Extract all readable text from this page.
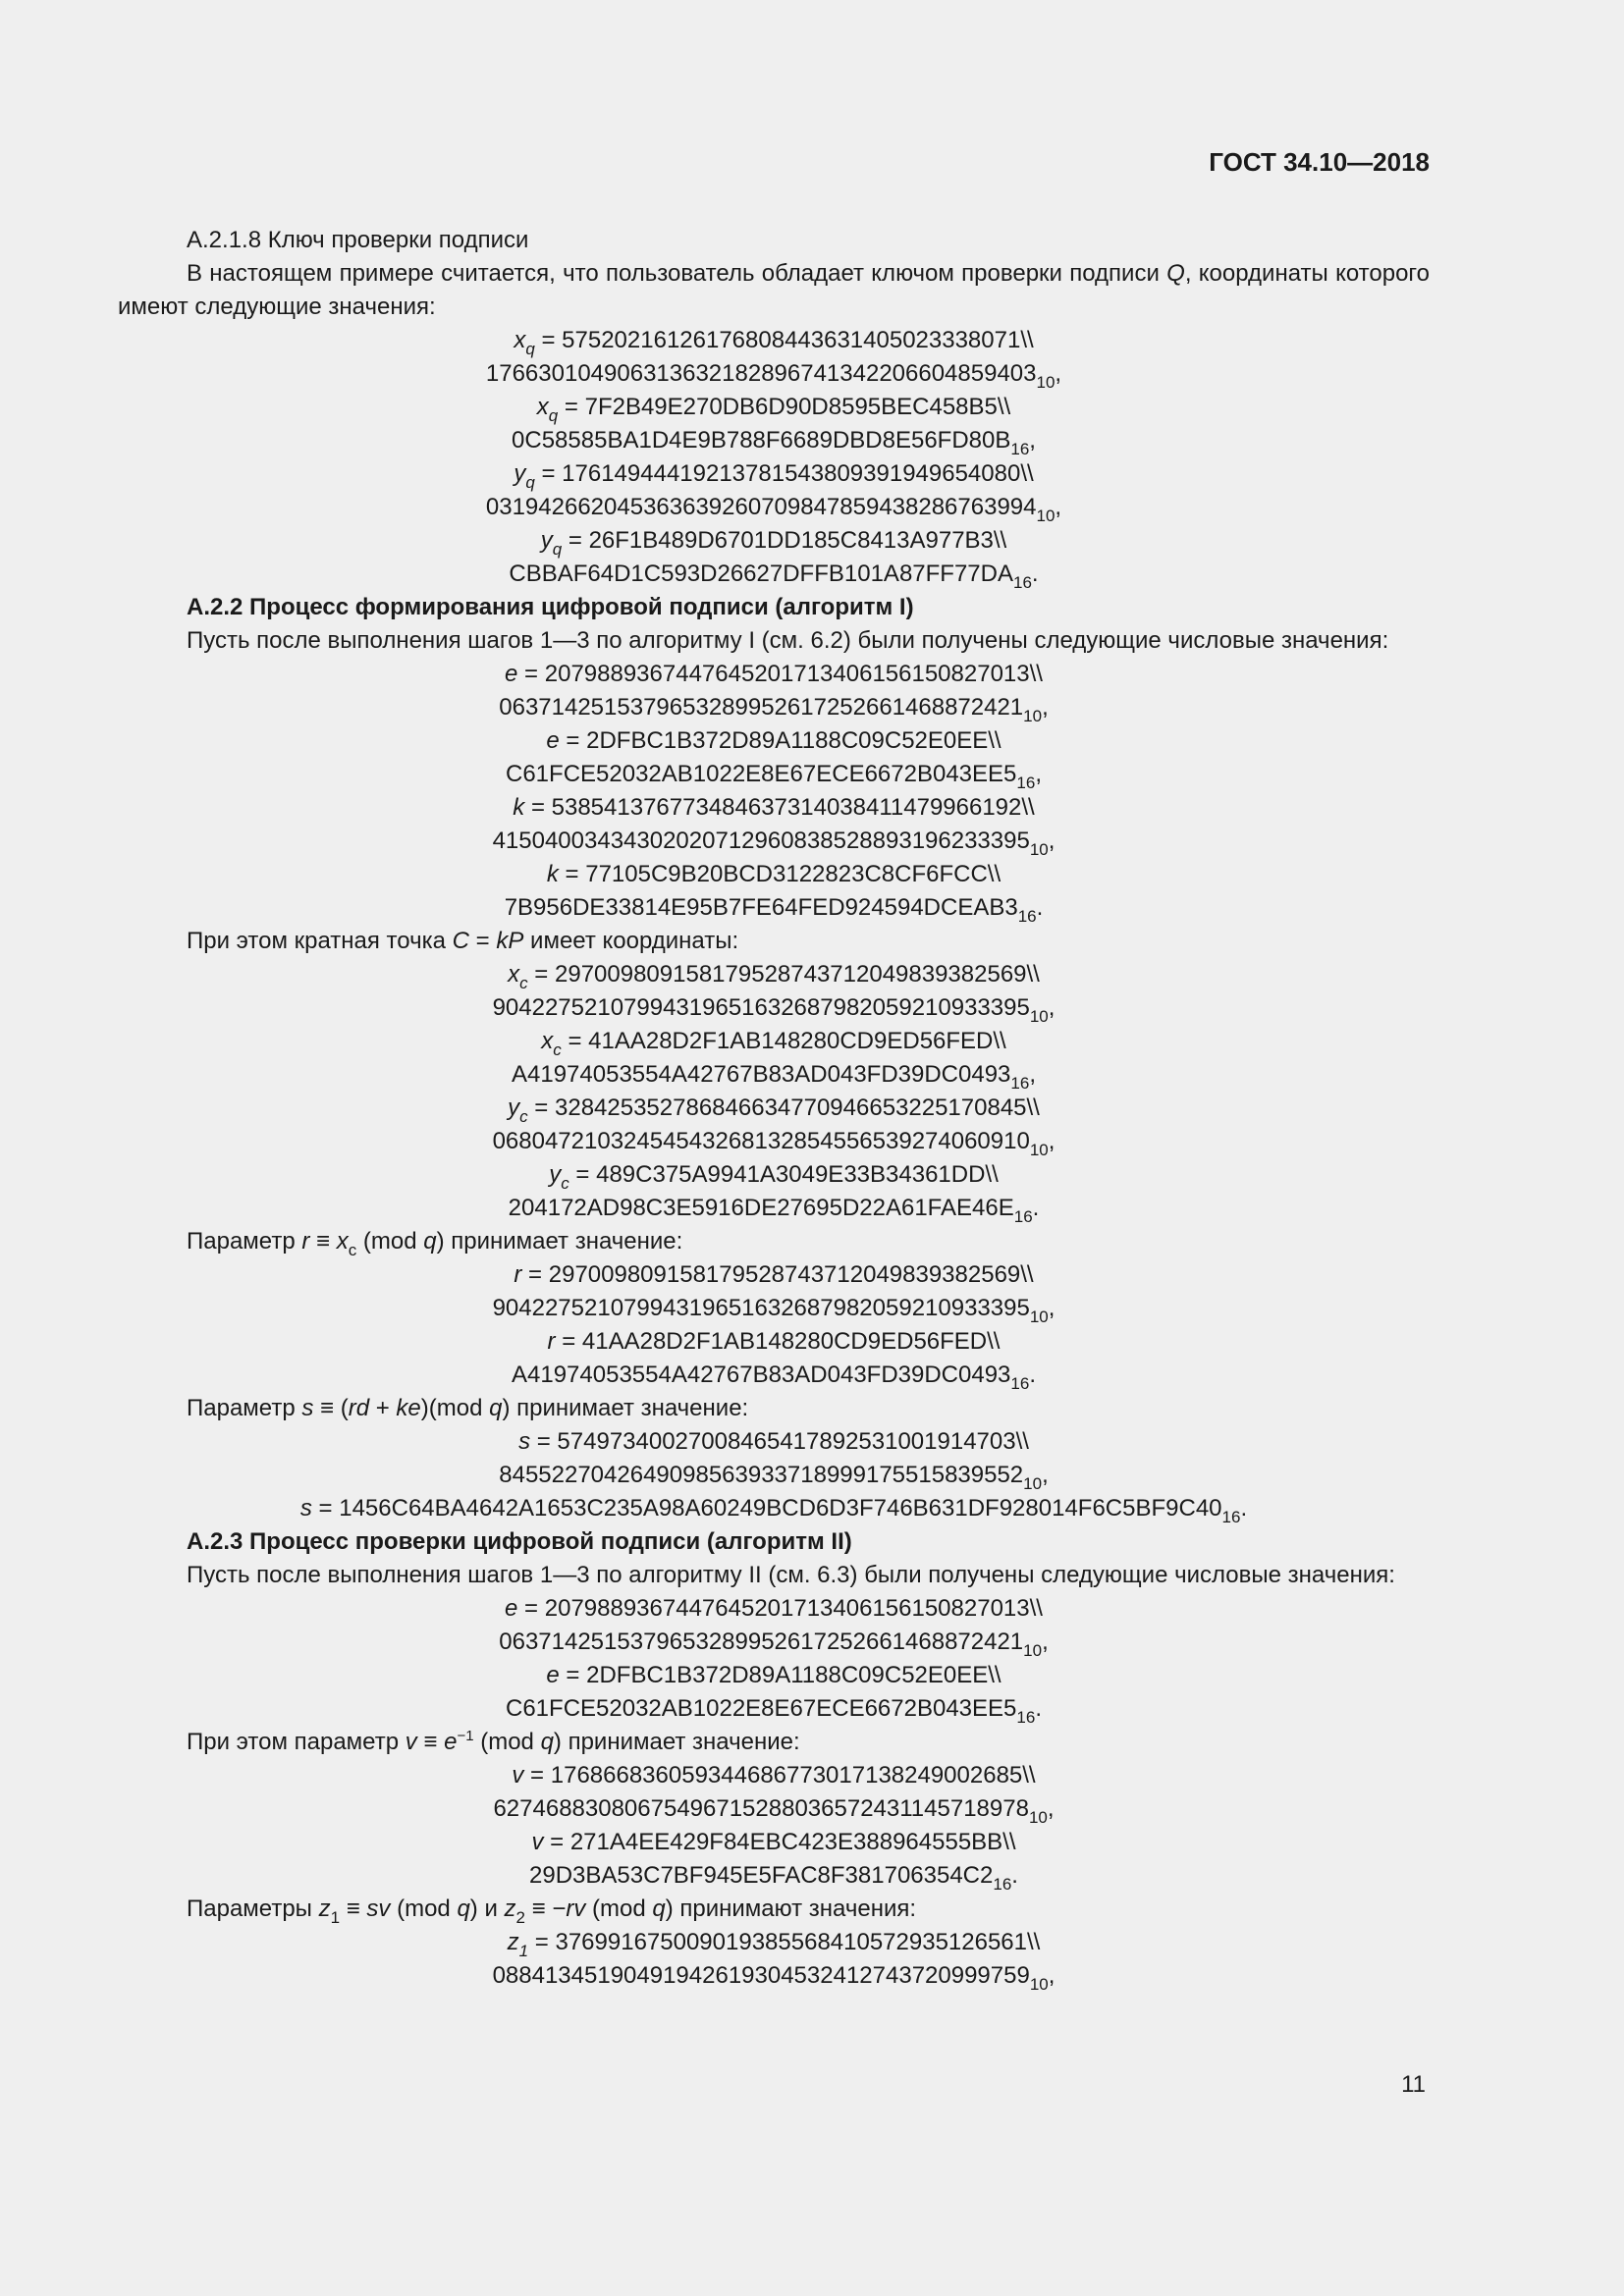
ГОСТ 34.10—2018
А.2.1.8 Ключ проверки подписи
В настоящем примере считается, что пользователь обладает ключом проверки подписи Q, координаты которого имеют следующие значения:
$x_q$ = 57520216126176808443631405023338071\\
$176630104906313632182896741342206604859403_{10}$,
$x_q$ = 7F2B49E270DB6D90D8595BEC458B5\\
$0C58585BA1D4E9B788F6689DBD8E56FD80B_{16}$,
$y_q$ = 17614944419213781543809391949654080\\
$031942662045363639260709847859438286763994_{10}$,
$y_q$ = 26F1B489D6701DD185C8413A977B3\\
$CBBAF64D1C593D26627DFFB101A87FF77DA_{16}$.
А.2.2 Процесс формирования цифровой подписи (алгоритм I)
Пусть после выполнения шагов 1—3 по алгоритму I (см. 6.2) были получены следующие числовые значения:
e = 2079889367447645201713406156150827013\\
$0637142515379653289952617252661468872421_{10}$,
e = 2DFBC1B372D89A1188C09C52E0EE\\
$C61FCE52032AB1022E8E67ECE6672B043EE5_{16}$,
k = 538541376773484637314038411479966192\\
$41504003434302020712960838528893196233395_{10}$,
k = 77105C9B20BCD3122823C8CF6FCC\\
$7B956DE33814E95B7FE64FED924594DCEAB3_{16}$.
При этом кратная точка C = kP имеет координаты:
$x_c$ = 297009809158179528743712049839382569\\
$90422752107994319651632687982059210933395_{10}$,
$x_c$ = 41AA28D2F1AB148280CD9ED56FED\\
$A41974053554A42767B83AD043FD39DC0493_{16}$,
$y_c$ = 328425352786846634770946653225170845\\
$06804721032454543268132854556539274060910_{10}$,
$y_c$ = 489C375A9941A3049E33B34361DD\\
$204172AD98C3E5916DE27695D22A61FAE46E_{16}$.
Параметр $r \equiv x_c$ (mod q) принимает значение:
r = 297009809158179528743712049839382569\\
$90422752107994319651632687982059210933395_{10}$,
r = 41AA28D2F1AB148280CD9ED56FED\\
$A41974053554A42767B83AD043FD39DC0493_{16}$.
Параметр s ≡ (rd + ke)(mod q) принимает значение:
s = 57497340027008465417892531001914703\\
$8455227042649098563933718999175515839552_{10}$,
$s = 1456C64BA4642A1653C235A98A60249BCD6D3F746B631DF928014F6C5BF9C40_{16}$.
А.2.3 Процесс проверки цифровой подписи (алгоритм II)
Пусть после выполнения шагов 1—3 по алгоритму II (см. 6.3) были получены следующие числовые значения:
e = 2079889367447645201713406156150827013\\
$0637142515379653289952617252661468872421_{10}$,
e = 2DFBC1B372D89A1188C09C52E0EE\\
$C61FCE52032AB1022E8E67ECE6672B043EE5_{16}$.
При этом параметр $v \equiv e^{-1}$ (mod q) принимает значение:
v = 176866836059344686773017138249002685\\
$62746883080675496715288036572431145718978_{10}$,
v = 271A4EE429F84EBC423E388964555BB\\
$29D3BA53C7BF945E5FAC8F381706354C2_{16}$.
Параметры $z_1$ ≡ sv (mod q) и $z_2 \equiv -rv$ (mod q) принимают значения:
$z_1$ = 376991675009019385568410572935126561\\
$08841345190491942619304532412743720999759_{10}$,
11
